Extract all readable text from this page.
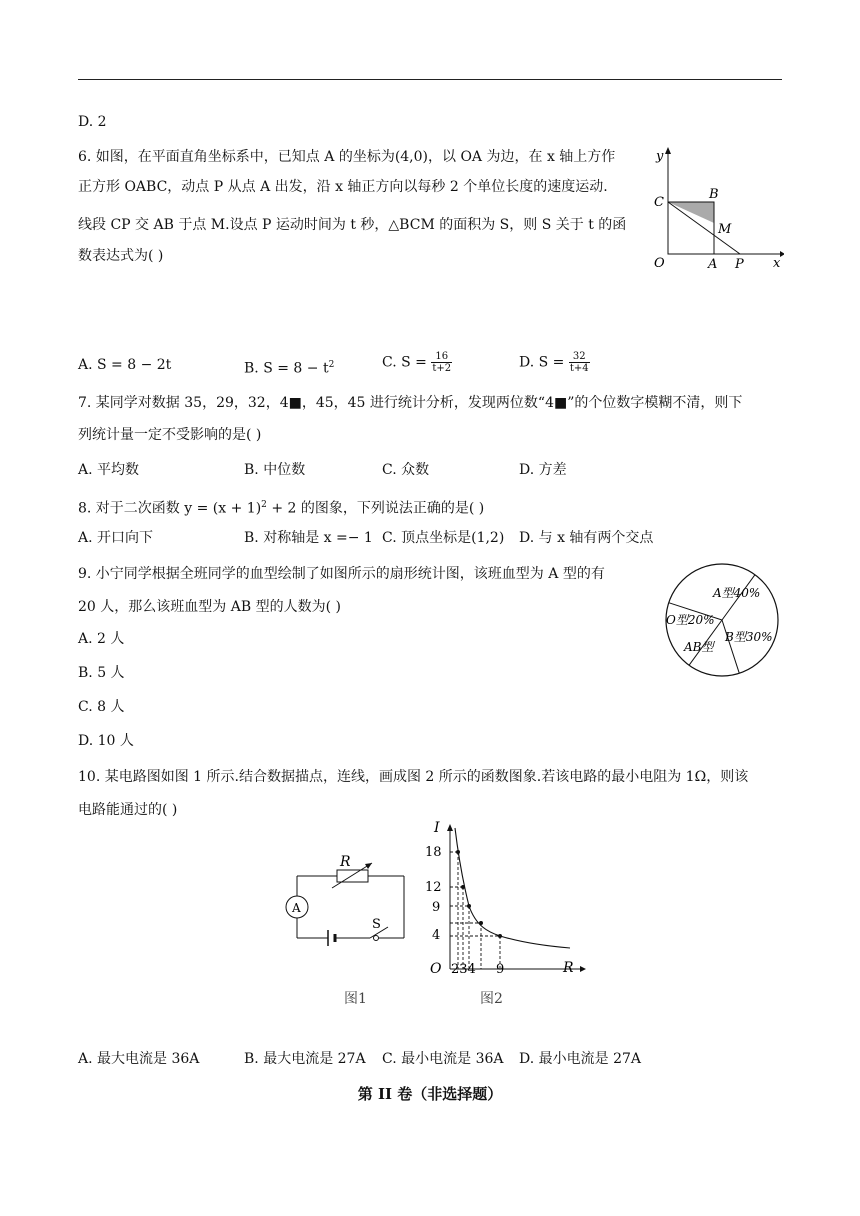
D. 2
6. 如图，在平面直角坐标系中，已知点 A 的坐标为(4,0)，以 OA 为边，在 x 轴上方作
正方形 OABC，动点 P 从点 A 出发，沿 x 轴正方向以每秒 2 个单位长度的速度运动.
线段 CP 交 AB 于点 M.设点 P 运动时间为 t 秒，△BCM 的面积为 S，则 S 关于 t 的函
数表达式为( )
y
x
O	A P
B
C
M
A. S = 8 − 2t	B. $S = 8 - t^2$	C. $S = \frac{16}{t+2}$	D. $S = \frac{32}{t+4}$
7. 某同学对数据 35，29，32，4■，45，45 进行统计分析，发现两位数“4■”的个位数字模糊不清，则下
列统计量一定不受影响的是( )
A. 平均数	B. 中位数	C. 众数	D. 方差
8. 对于二次函数 $y = (x + 1)^2 + 2$ 的图象，下列说法正确的是( )
A. 开口向下	B. 对称轴是 x =− 1 C. 顶点坐标是(1,2) D. 与 x 轴有两个交点
9. 小宁同学根据全班同学的血型绘制了如图所示的扇形统计图，该班血型为 A 型的有
20 人，那么该班血型为 AB 型的人数为( )
A. 2 人
B. 5 人
C. 8 人
D. 10 人
A型40%
O型20%
B型30%
AB型
10. 某电路图如图 1 所示.结合数据描点，连线，画成图 2 所示的函数图象.若该电路的最小电阻为 1Ω，则该
电路能通过的( )
R
A
S
图1
I
R
O
18
12
9
4
234 9
图2
A. 最大电流是 36A	B. 最大电流是 27A C. 最小电流是 36A D. 最小电流是 27A
第 II 卷（非选择题）
